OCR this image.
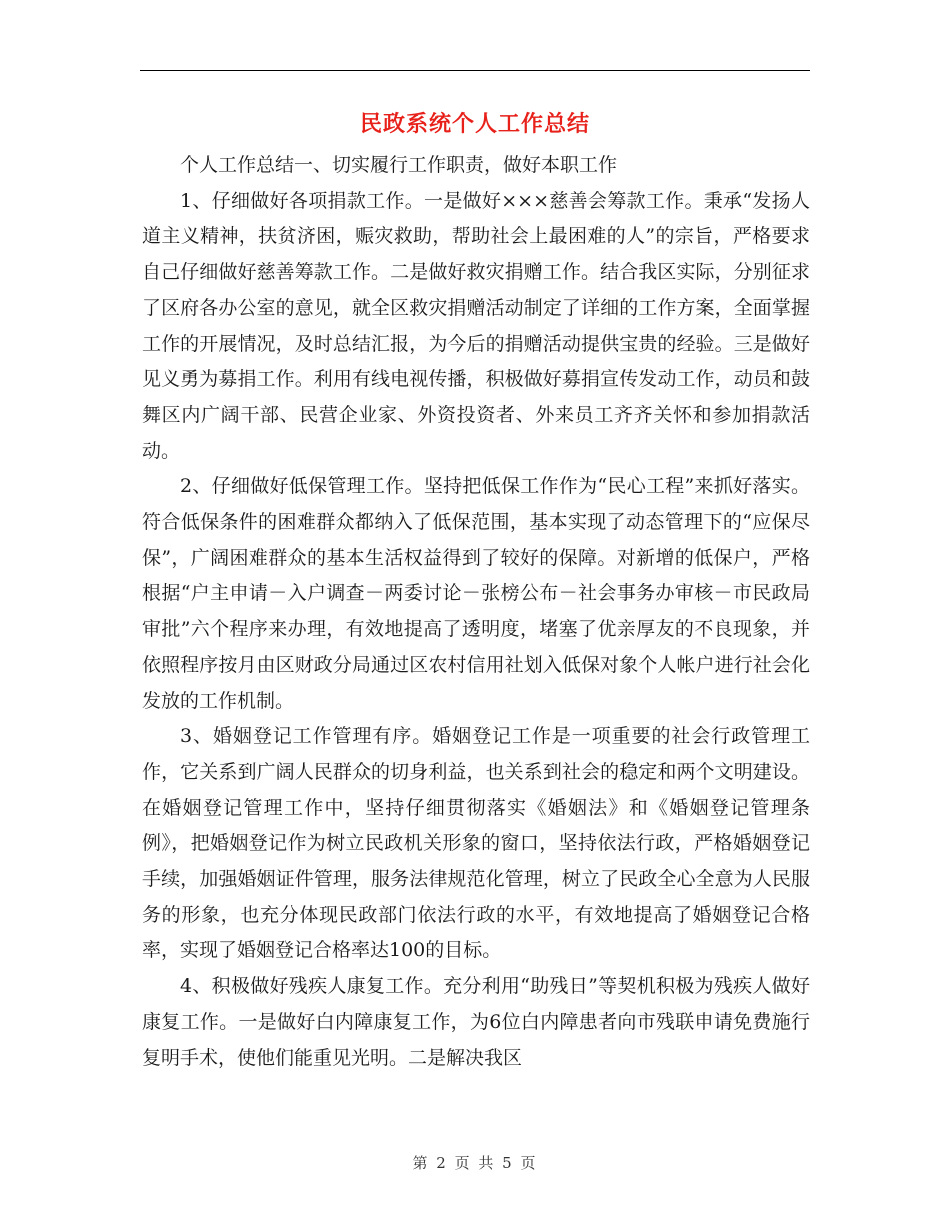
民政系统个人工作总结

个人工作总结一、切实履行工作职责，做好本职工作

1、仔细做好各项捐款工作。一是做好×××慈善会筹款工作。秉承“发扬人道主义精神，扶贫济困，赈灾救助，帮助社会上最困难的人”的宗旨，严格要求自己仔细做好慈善筹款工作。二是做好救灾捐赠工作。结合我区实际，分别征求了区府各办公室的意见，就全区救灾捐赠活动制定了详细的工作方案，全面掌握工作的开展情况，及时总结汇报，为今后的捐赠活动提供宝贵的经验。三是做好见义勇为募捐工作。利用有线电视传播，积极做好募捐宣传发动工作，动员和鼓舞区内广阔干部、民营企业家、外资投资者、外来员工齐齐关怀和参加捐款活动。

2、仔细做好低保管理工作。坚持把低保工作作为“民心工程”来抓好落实。符合低保条件的困难群众都纳入了低保范围，基本实现了动态管理下的“应保尽保”，广阔困难群众的基本生活权益得到了较好的保障。对新增的低保户，严格根据“户主申请－入户调查－两委讨论－张榜公布－社会事务办审核－市民政局审批”六个程序来办理，有效地提高了透明度，堵塞了优亲厚友的不良现象，并依照程序按月由区财政分局通过区农村信用社划入低保对象个人帐户进行社会化发放的工作机制。

3、婚姻登记工作管理有序。婚姻登记工作是一项重要的社会行政管理工作，它关系到广阔人民群众的切身利益，也关系到社会的稳定和两个文明建设。在婚姻登记管理工作中，坚持仔细贯彻落实《婚姻法》和《婚姻登记管理条例》，把婚姻登记作为树立民政机关形象的窗口，坚持依法行政，严格婚姻登记手续，加强婚姻证件管理，服务法律规范化管理，树立了民政全心全意为人民服务的形象，也充分体现民政部门依法行政的水平，有效地提高了婚姻登记合格率，实现了婚姻登记合格率达100的目标。

4、积极做好残疾人康复工作。充分利用“助残日”等契机积极为残疾人做好康复工作。一是做好白内障康复工作，为6位白内障患者向市残联申请免费施行复明手术，使他们能重见光明。二是解决我区

第 2 页 共 5 页
